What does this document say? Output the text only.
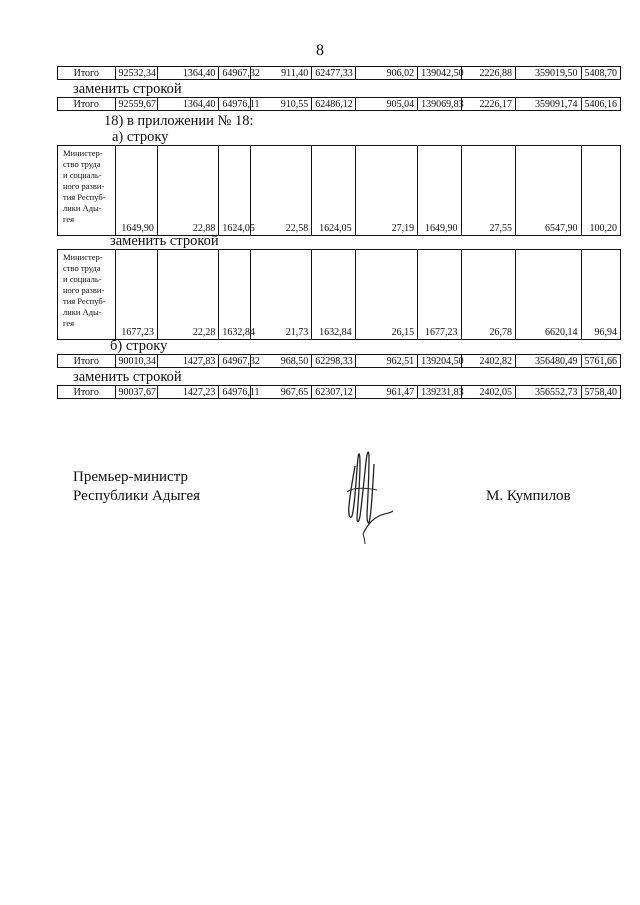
8
Итого	92532,34	1364,40	64967,32	911,40	62477,33	906,02	139042,50	2226,88	359019,50	5408,70
заменить строкой
Итого	92559,67	1364,40	64976,11	910,55	62486,12	905,04	139069,83	2226,17	359091,74	5406,16
18) в приложении № 18:
а) строку
Министер-
ство труда
и социаль-
ного разви-
тия Респуб-
лики Ады-
гея	1649,90	22,88	1624,05	22,58	1624,05	27,19	1649,90	27,55	6547,90	100,20
заменить строкой
Министер-
ство труда
и социаль-
ного разви-
тия Респуб-
лики Ады-
гея	1677,23	22,28	1632,84	21,73	1632,84	26,15	1677,23	26,78	6620,14	96,94
б) строку
Итого	90010,34	1427,83	64967,32	968,50	62298,33	962,51	139204,50	2402,82	356480,49	5761,66
заменить строкой
Итого	90037,67	1427,23	64976,11	967,65	62307,12	961,47	139231,83	2402,05	356552,73	5758,40
Премьер-министр
Республики Адыгея	М. Кумпилов
